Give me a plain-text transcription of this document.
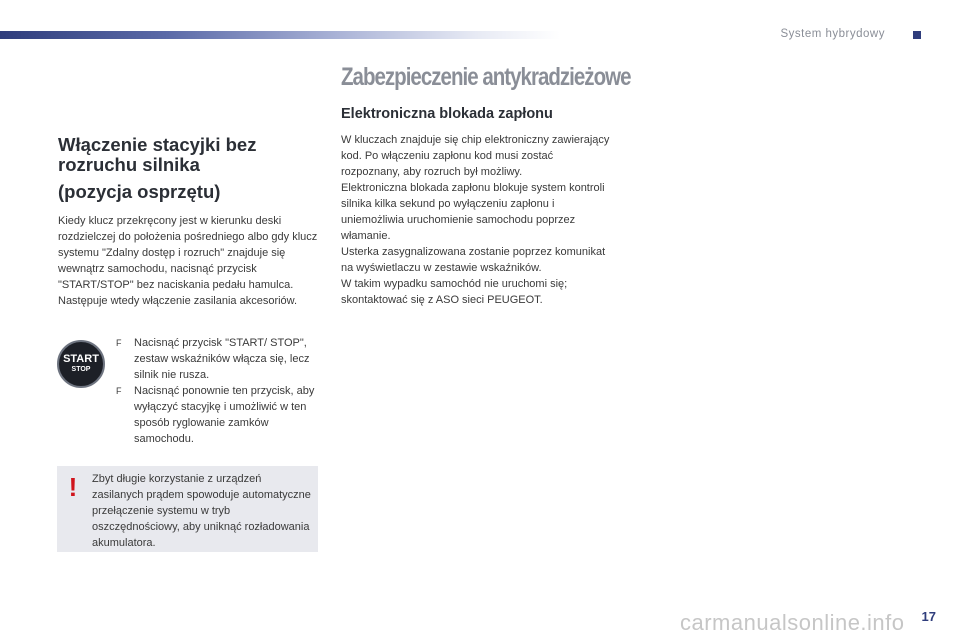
System hybrydowy
Włączenie stacyjki bez
rozruchu silnika
(pozycja osprzętu)
Kiedy klucz przekręcony jest w kierunku deski rozdzielczej do położenia pośredniego albo gdy klucz systemu "Zdalny dostęp i rozruch" znajduje się wewnątrz samochodu, nacisnąć przycisk "START/STOP" bez naciskania pedału hamulca. Następuje wtedy włączenie zasilania akcesoriów.
START
STOP
F Nacisnąć przycisk "START/ STOP", zestaw wskaźników włącza się, lecz silnik nie rusza.
F Nacisnąć ponownie ten przycisk, aby wyłączyć stacyjkę i umożliwić w ten sposób ryglowanie zamków samochodu.
! Zbyt długie korzystanie z urządzeń zasilanych prądem spowoduje automatyczne przełączenie systemu w tryb oszczędnościowy, aby uniknąć rozładowania akumulatora.
Zabezpieczenie antykradzieżowe
Elektroniczna blokada zapłonu
W kluczach znajduje się chip elektroniczny zawierający kod. Po włączeniu zapłonu kod musi zostać rozpoznany, aby rozruch był możliwy.
Elektroniczna blokada zapłonu blokuje system kontroli silnika kilka sekund po wyłączeniu zapłonu i uniemożliwia uruchomienie samochodu poprzez włamanie.
Usterka zasygnalizowana zostanie poprzez komunikat na wyświetlaczu w zestawie wskaźników.
W takim wypadku samochód nie uruchomi się; skontaktować się z ASO sieci PEUGEOT.
carmanualsonline.info 17
